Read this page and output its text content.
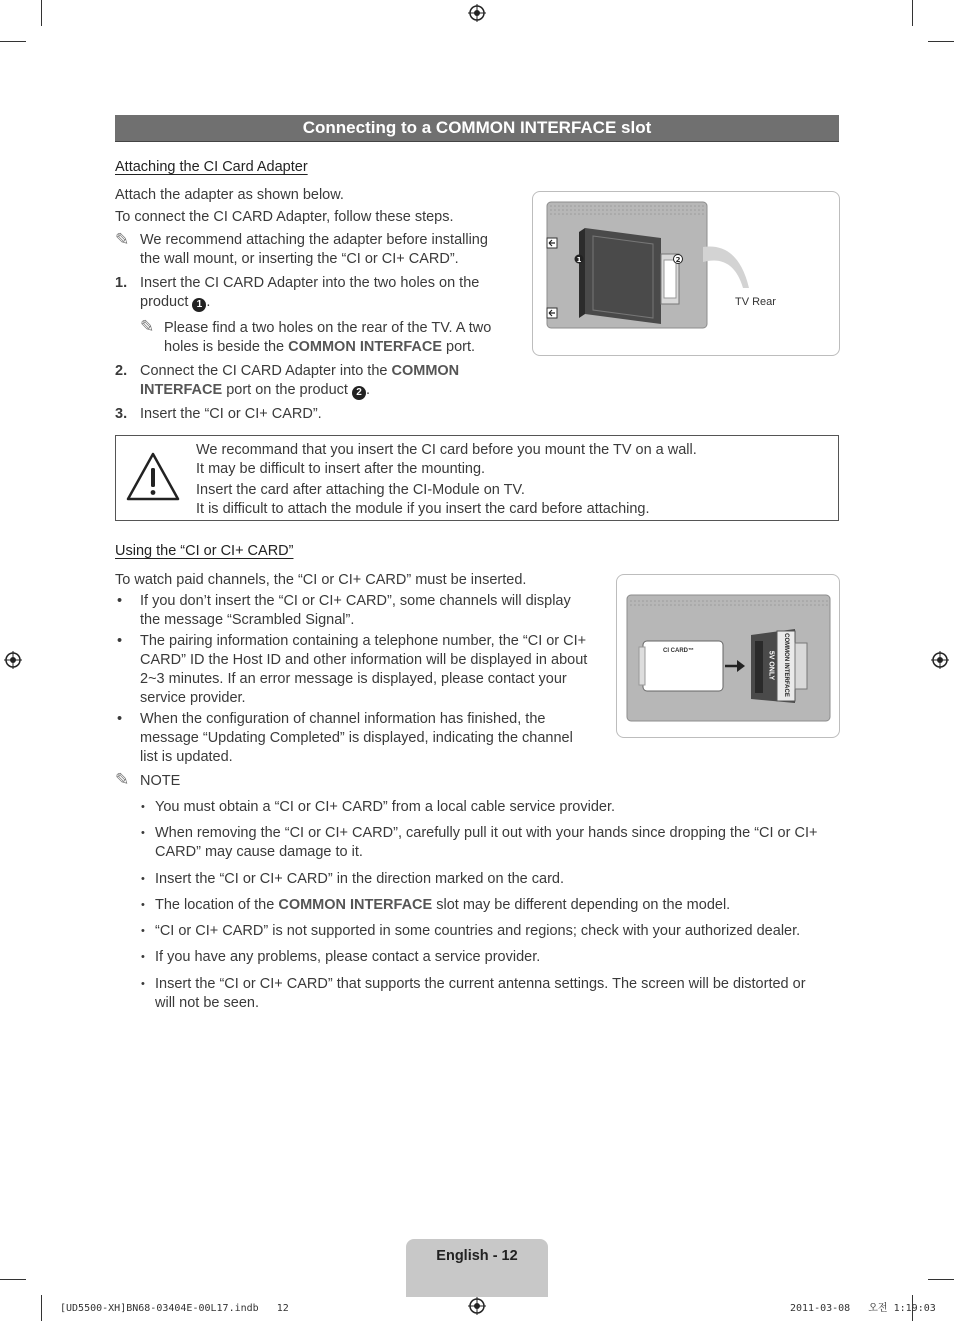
Connecting to a COMMON INTERFACE slot
Attaching the CI Card Adapter

Attach the adapter as shown below.

To connect the CI CARD Adapter, follow these steps.

✎ We recommend attaching the adapter before installing

the wall mount, or inserting the “CI or CI+ CARD”.

1. Insert the CI CARD Adapter into the two holes on the

product 1 .

✎ Please find a two holes on the rear of the TV. A two

holes is beside the COMMON INTERFACE port.

2. Connect the CI CARD Adapter into the COMMON

INTERFACE port on the product 2 .

3. Insert the “CI or CI+ CARD”.

1	2
TV Rear

We recommand that you insert the CI card before you mount the TV on a wall.

It may be difficult to insert after the mounting.

Insert the card after attaching the CI-Module on TV.

It is difficult to attach the module if you insert the card before attaching.

Using the “CI or CI+ CARD”

To watch paid channels, the “CI or CI+ CARD” must be inserted.

• If you don’t insert the “CI or CI+ CARD”, some channels will display

the message “Scrambled Signal”.

• The pairing information containing a telephone number, the “CI or CI+

CARD” ID the Host ID and other information will be displayed in about

2~3 minutes. If an error message is displayed, please contact your

service provider.

• When the configuration of channel information has finished, the

message “Updating Completed” is displayed, indicating the channel

list is updated.

CI CARD™	COMMON INTERFACE
5V ONLY
✎ NOTE

• You must obtain a “CI or CI+ CARD” from a local cable service provider.

• When removing the “CI or CI+ CARD”, carefully pull it out with your hands since dropping the “CI or CI+

CARD” may cause damage to it.

• Insert the “CI or CI+ CARD” in the direction marked on the card.

• The location of the COMMON INTERFACE slot may be different depending on the model.

• “CI or CI+ CARD” is not supported in some countries and regions; check with your authorized dealer.

• If you have any problems, please contact a service provider.

• Insert the “CI or CI+ CARD” that supports the current antenna settings. The screen will be distorted or

will not be seen.

English - 12
[UD5500-XH]BN68-03404E-00L17.indb   12	2011-03-08   오전 1:19:03
